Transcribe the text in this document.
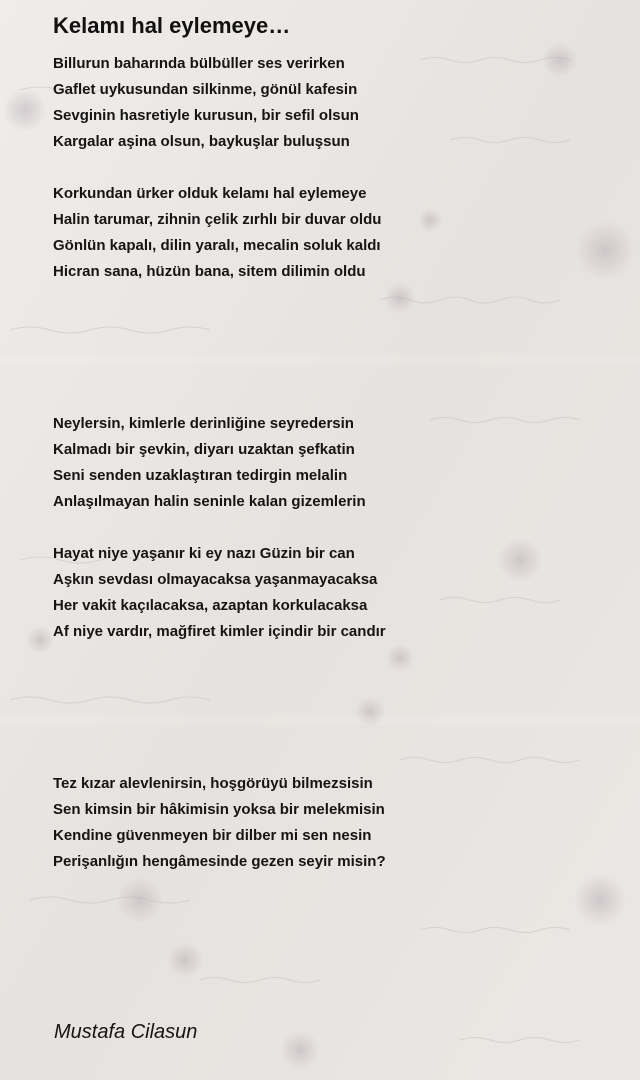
Kelamı hal eylemeye…
Billurun baharında bülbüller ses verirken
Gaflet uykusundan silkinme, gönül kafesin
Sevginin hasretiyle kurusun, bir sefil olsun
Kargalar aşina olsun, baykuşlar buluşsun
Korkundan ürker olduk kelamı hal eylemeye
Halin tarumar, zihnin çelik zırhlı bir duvar oldu
Gönlün kapalı, dilin yaralı, mecalin soluk kaldı
Hicran sana, hüzün bana, sitem dilimin oldu
Neylersin, kimlerle derinliğine seyredersin
Kalmadı bir şevkin, diyarı uzaktan şefkatin
Seni senden uzaklaştıran tedirgin melalin
Anlaşılmayan halin seninle kalan gizemlerin
Hayat niye yaşanır ki ey nazı Güzin bir can
Aşkın sevdası olmayacaksa yaşanmayacaksa
Her vakit kaçılacaksa, azaptan korkulacaksa
Af niye vardır, mağfiret kimler içindir bir candır
Tez kızar alevlenirsin, hoşgörüyü bilmezsisin
Sen kimsin bir hâkimisin yoksa bir melekmisin
Kendine güvenmeyen bir dilber mi sen nesin
Perişanlığın hengâmesinde gezen seyir misin?

Mustafa Cilasun
